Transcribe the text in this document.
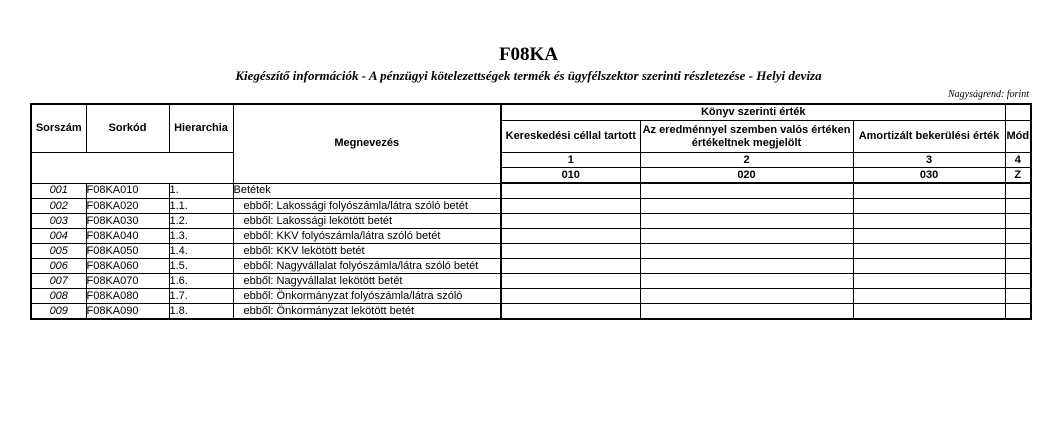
F08KA
Kiegészítő információk - A pénzügyi kötelezettségek termék és ügyfélszektor szerinti részletezése - Helyi deviza
Nagyságrend: forint
Sorszám	Sorkód	Hierarchia	Megnevezés	Könyv szerinti érték			
				Kereskedési céllal tartott	Az eredménnyel szemben valós értéken értékeltnek megjelölt	Amortizált bekerülési érték	Mód
				1	2	3	4
				010	020	030	Z
001	F08KA010	1.	Betétek				
002	F08KA020	1.1.	ebből: Lakossági folyószámla/látra szóló betét				
003	F08KA030	1.2.	ebből: Lakossági lekötött betét				
004	F08KA040	1.3.	ebből: KKV folyószámla/látra szóló betét				
005	F08KA050	1.4.	ebből: KKV lekötött betét				
006	F08KA060	1.5.	ebből: Nagyvállalat folyószámla/látra szóló betét				
007	F08KA070	1.6.	ebből: Nagyvállalat lekötött betét				
008	F08KA080	1.7.	ebből: Önkormányzat folyószámla/látra szóló				
009	F08KA090	1.8.	ebből: Önkormányzat lekötött betét				
